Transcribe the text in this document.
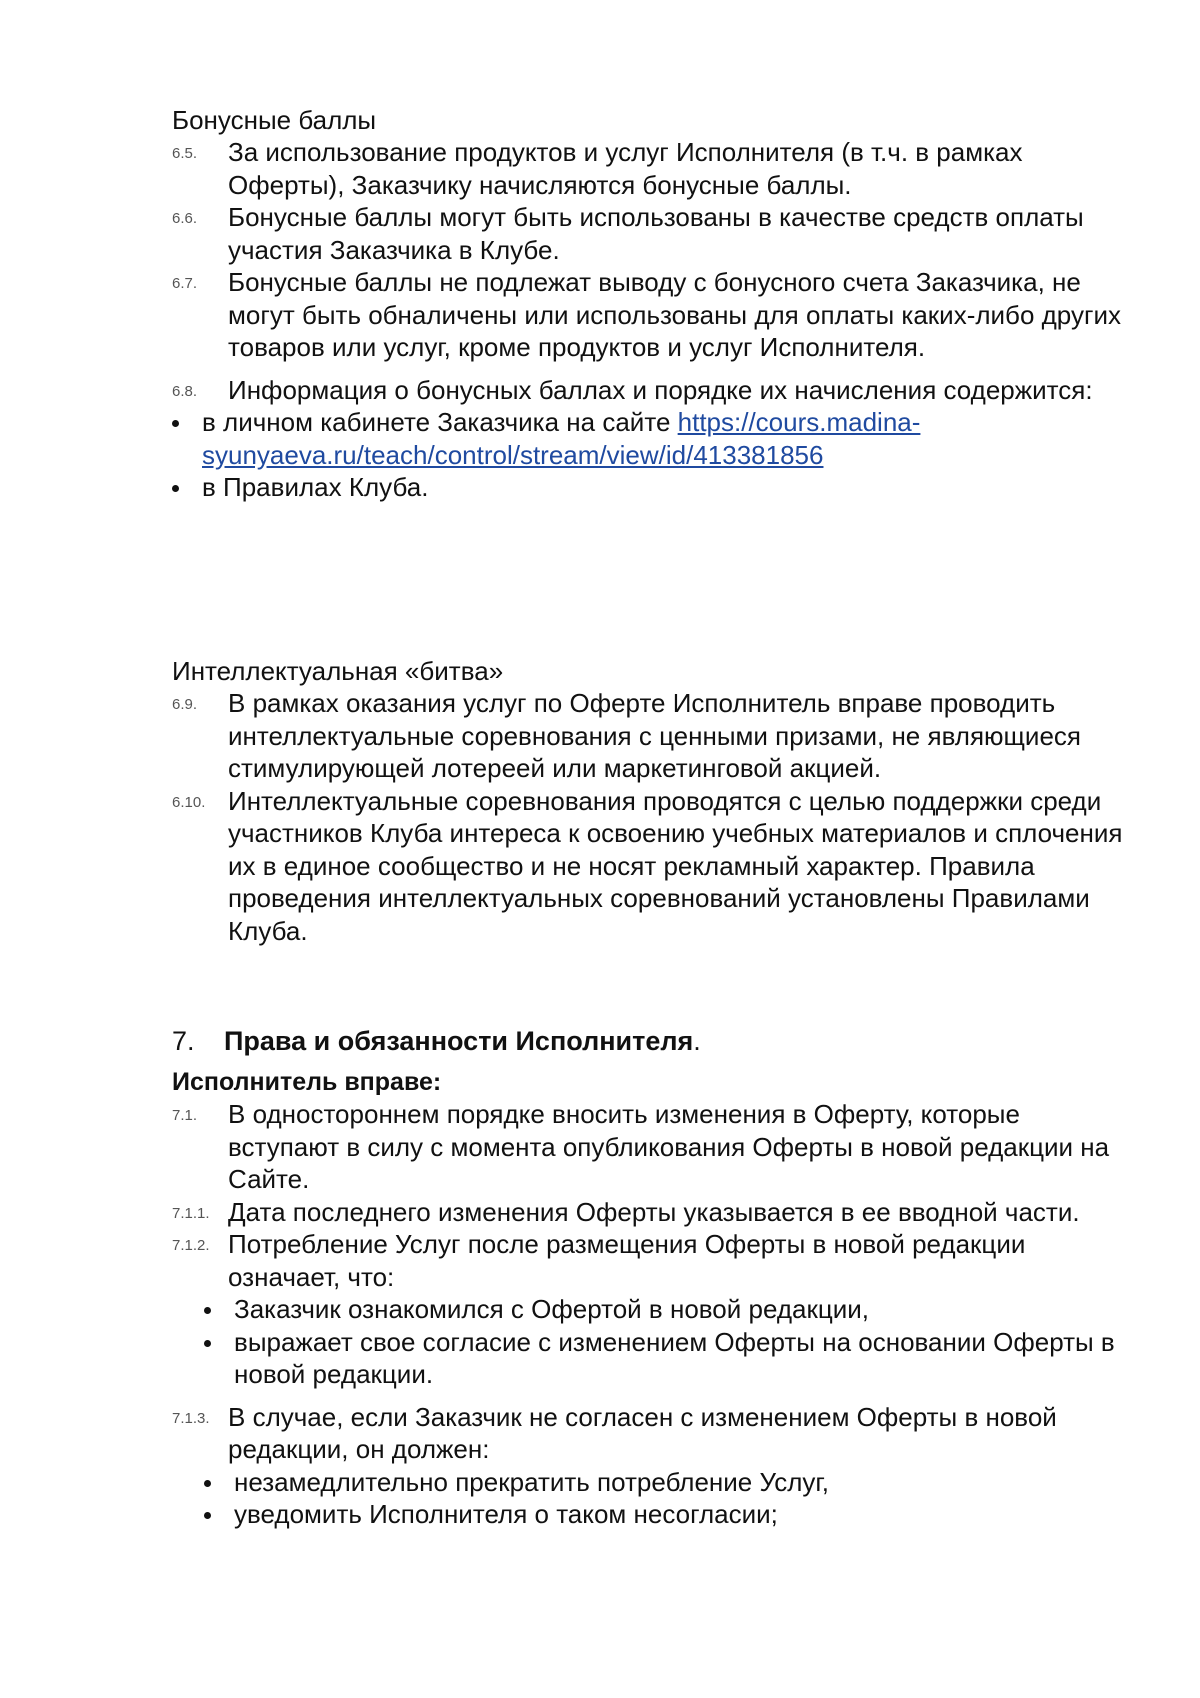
Бонусные баллы
6.5. За использование продуктов и услуг Исполнителя (в т.ч. в рамках Оферты), Заказчику начисляются бонусные баллы.
6.6. Бонусные баллы могут быть использованы в качестве средств оплаты участия Заказчика в Клубе.
6.7. Бонусные баллы не подлежат выводу с бонусного счета Заказчика, не могут быть обналичены или использованы для оплаты каких-либо других товаров или услуг, кроме продуктов и услуг Исполнителя.
6.8. Информация о бонусных баллах и порядке их начисления содержится:
в личном кабинете Заказчика на сайте https://cours.madina-syunyaeva.ru/teach/control/stream/view/id/413381856
в Правилах Клуба.
Интеллектуальная «битва»
6.9. В рамках оказания услуг по Оферте Исполнитель вправе проводить интеллектуальные соревнования с ценными призами, не являющиеся стимулирующей лотереей или маркетинговой акцией.
6.10. Интеллектуальные соревнования проводятся с целью поддержки среди участников Клуба интереса к освоению учебных материалов и сплочения их в единое сообщество и не носят рекламный характер. Правила проведения интеллектуальных соревнований установлены Правилами Клуба.
7. Права и обязанности Исполнителя.
Исполнитель вправе:
7.1. В одностороннем порядке вносить изменения в Оферту, которые вступают в силу с момента опубликования Оферты в новой редакции на Сайте.
7.1.1. Дата последнего изменения Оферты указывается в ее вводной части.
7.1.2. Потребление Услуг после размещения Оферты в новой редакции означает, что:
Заказчик ознакомился с Офертой в новой редакции,
выражает свое согласие с изменением Оферты на основании Оферты в новой редакции.
7.1.3. В случае, если Заказчик не согласен с изменением Оферты в новой редакции, он должен:
незамедлительно прекратить потребление Услуг,
уведомить Исполнителя о таком несогласии;
